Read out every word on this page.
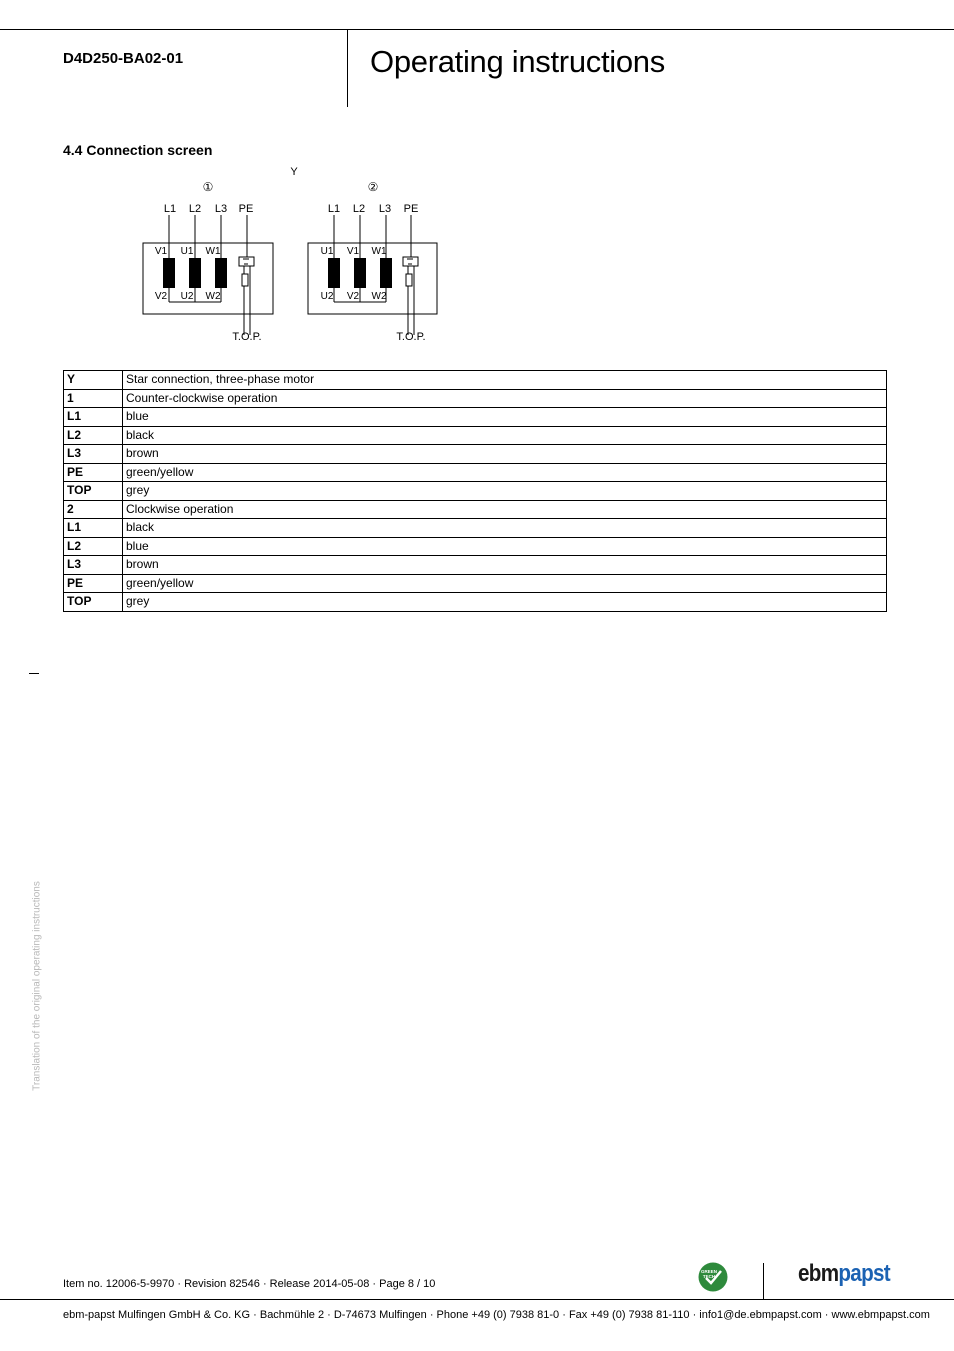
D4D250-BA02-01	Operating instructions
4.4 Connection screen
Y
①
L1 L2 L3 PE
V1 U1 W1
V2 U2 W2
T.O.P.
②
L1 L2 L3 PE
U1 V1 W1
U2 V2 W2
T.O.P.
Y	Star connection, three-phase motor
1	Counter-clockwise operation
L1	blue
L2	black
L3	brown
PE	green/yellow
TOP	grey
2	Clockwise operation
L1	black
L2	blue
L3	brown
PE	green/yellow
TOP	grey
Translation of the original operating instructions
Item no. 12006-5-9970 · Revision 82546 · Release 2014-05-08 · Page 8 / 10
GREEN
TECH	ebmpapst
ebm-papst Mulfingen GmbH & Co. KG · Bachmühle 2 · D-74673 Mulfingen · Phone +49 (0) 7938 81-0 · Fax +49 (0) 7938 81-110 · info1@de.ebmpapst.com · www.ebmpapst.com
